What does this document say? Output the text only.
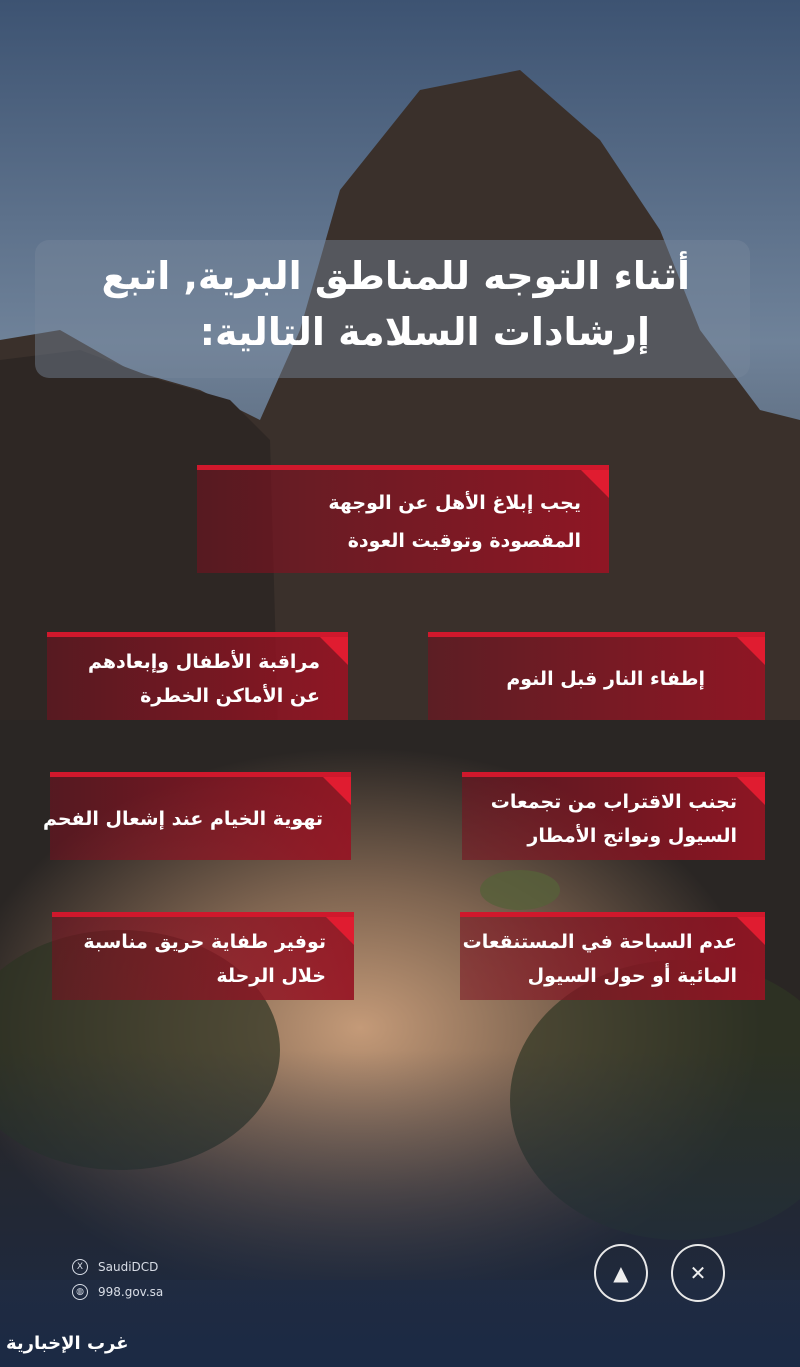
أثناء التوجه للمناطق البرية, اتبع
إرشادات السلامة التالية:
يجب إبلاغ الأهل عن الوجهة
المقصودة وتوقيت العودة
إطفاء النار قبل النوم
مراقبة الأطفال وإبعادهم
عن الأماكن الخطرة
تجنب الاقتراب من تجمعات
السيول ونواتج الأمطار
تهوية الخيام عند إشعال الفحم
عدم السباحة في المستنقعات
المائية أو حول السيول
توفير طفاية حريق مناسبة
خلال الرحلة
X	SaudiDCD
◍	998.gov.sa
▲	✕
غرب الإخبارية
